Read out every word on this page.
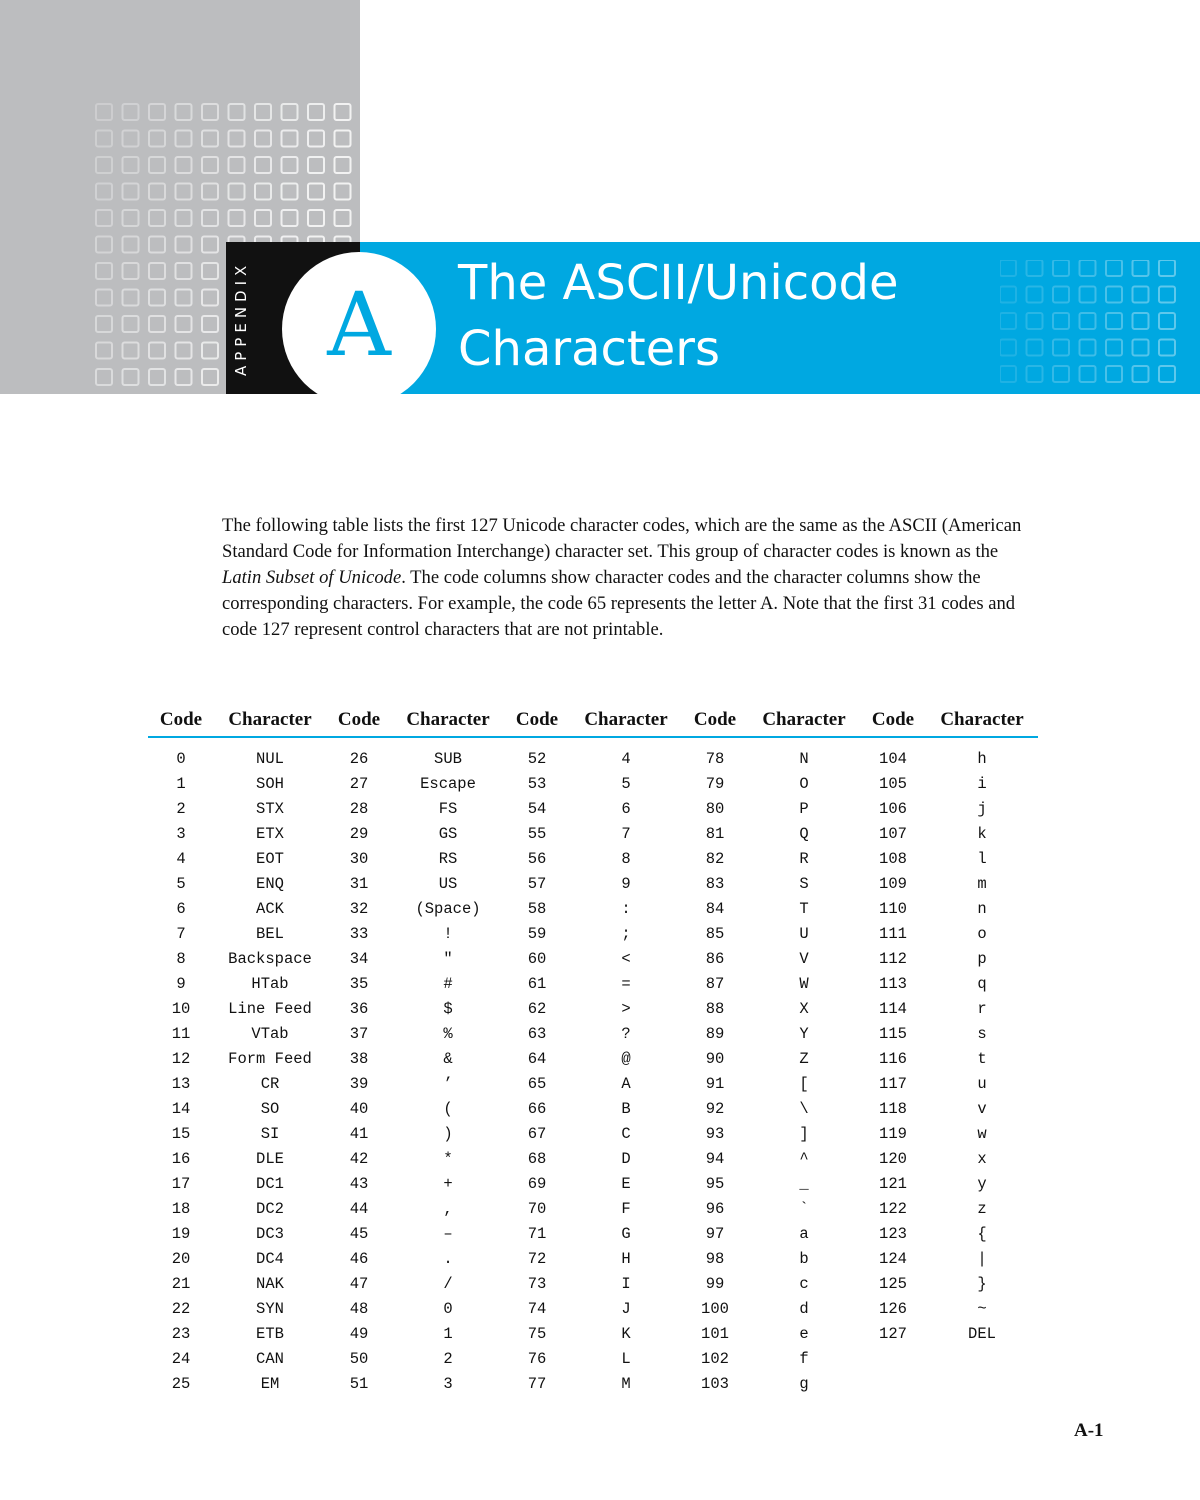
APPENDIX A	The ASCII/Unicode
Characters

The following table lists the first 127 Unicode character codes, which are the same as the ASCII (American Standard Code for Information Interchange) character set. This group of character codes is known as the Latin Subset of Unicode. The code columns show character codes and the character columns show the corresponding characters. For example, the code 65 represents the letter A. Note that the first 31 codes and code 127 represent control characters that are not printable.

Code	Character	Code	Character	Code	Character	Code	Character	Code	Character
0	NUL	26	SUB	52	4	78	N	104	h
1	SOH	27	Escape	53	5	79	O	105	i
2	STX	28	FS	54	6	80	P	106	j
3	ETX	29	GS	55	7	81	Q	107	k
4	EOT	30	RS	56	8	82	R	108	l
5	ENQ	31	US	57	9	83	S	109	m
6	ACK	32	(Space)	58	:	84	T	110	n
7	BEL	33	!	59	;	85	U	111	o
8	Backspace	34	"	60	<	86	V	112	p
9	HTab	35	#	61	=	87	W	113	q
10	Line Feed	36	$	62	>	88	X	114	r
11	VTab	37	%	63	?	89	Y	115	s
12	Form Feed	38	&	64	@	90	Z	116	t
13	CR	39	’	65	A	91	[	117	u
14	SO	40	(	66	B	92	\	118	v
15	SI	41	)	67	C	93	]	119	w
16	DLE	42	*	68	D	94	^	120	x
17	DC1	43	+	69	E	95	_	121	y
18	DC2	44	,	70	F	96	`	122	z
19	DC3	45	–	71	G	97	a	123	{
20	DC4	46	.	72	H	98	b	124	|
21	NAK	47	/	73	I	99	c	125	}
22	SYN	48	0	74	J	100	d	126	~
23	ETB	49	1	75	K	101	e	127	DEL
24	CAN	50	2	76	L	102	f		
25	EM	51	3	77	M	103	g		
A-1
